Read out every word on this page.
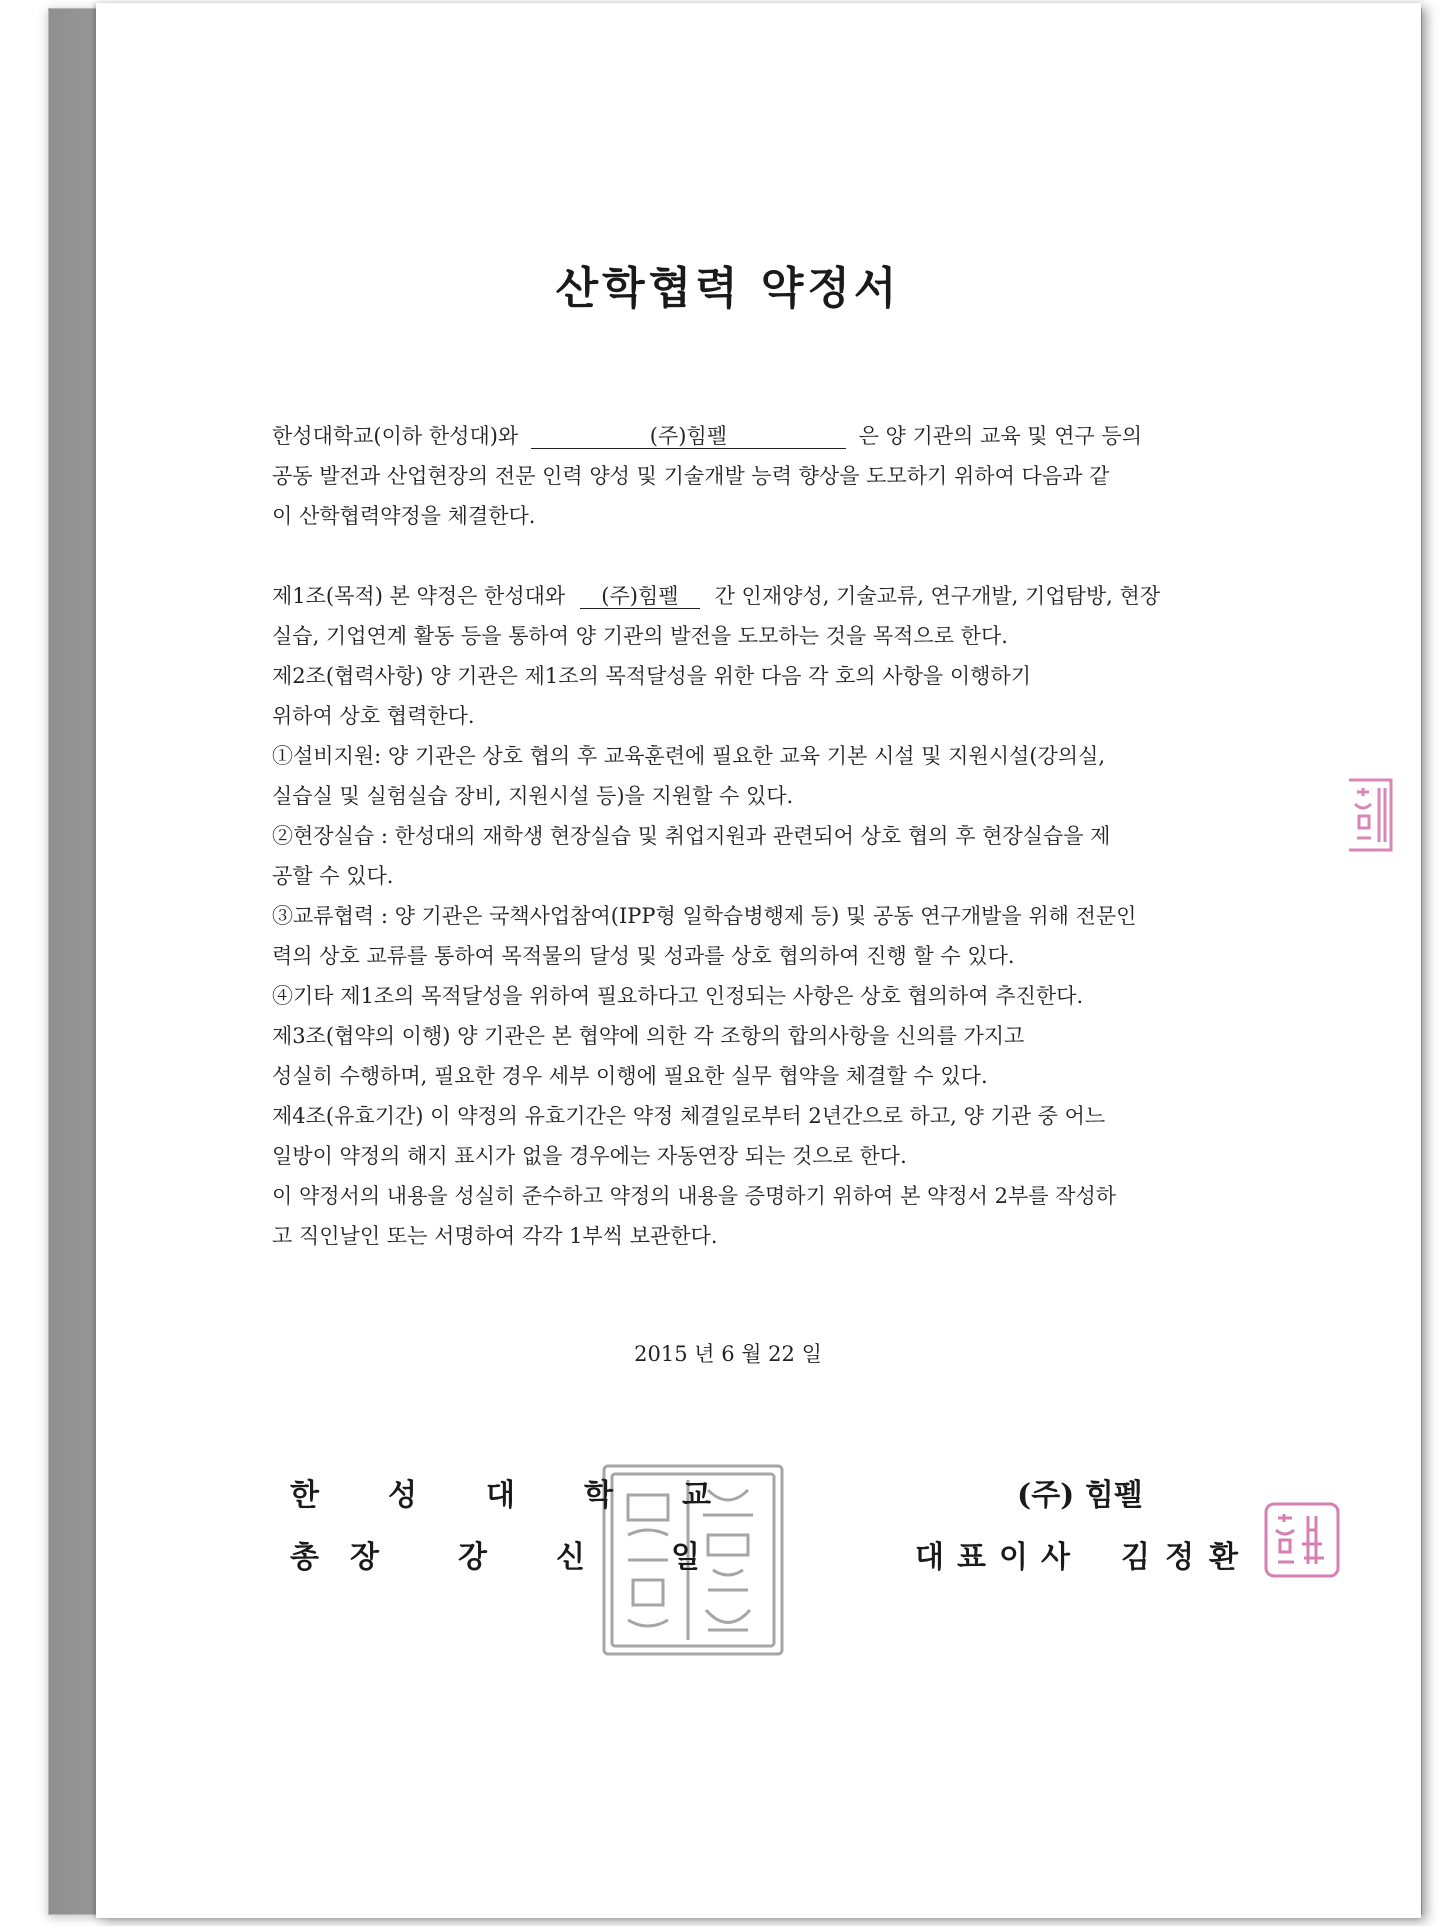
산학협력 약정서

한성대학교(이하 한성대)와	(주)힘펠	은 양 기관의 교육 및 연구 등의

공동 발전과 산업현장의 전문 인력 양성 및 기술개발 능력 향상을 도모하기 위하여 다음과 같

이 산학협력약정을 체결한다.

제1조(목적) 본 약정은 한성대와 (주)힘펠 간 인재양성, 기술교류, 연구개발, 기업탐방, 현장

실습, 기업연계 활동 등을 통하여 양 기관의 발전을 도모하는 것을 목적으로 한다.

제2조(협력사항) 양 기관은 제1조의 목적달성을 위한 다음 각 호의 사항을 이행하기

위하여 상호 협력한다.

①설비지원: 양 기관은 상호 협의 후 교육훈련에 필요한 교육 기본 시설 및 지원시설(강의실,

실습실 및 실험실습 장비, 지원시설 등)을 지원할 수 있다.

②현장실습 : 한성대의 재학생 현장실습 및 취업지원과 관련되어 상호 협의 후 현장실습을 제

공할 수 있다.

③교류협력 : 양 기관은 국책사업참여(IPP형 일학습병행제 등) 및 공동 연구개발을 위해 전문인

력의 상호 교류를 통하여 목적물의 달성 및 성과를 상호 협의하여 진행 할 수 있다.

④기타 제1조의 목적달성을 위하여 필요하다고 인정되는 사항은 상호 협의하여 추진한다.

제3조(협약의 이행) 양 기관은 본 협약에 의한 각 조항의 합의사항을 신의를 가지고

성실히 수행하며, 필요한 경우 세부 이행에 필요한 실무 협약을 체결할 수 있다.

제4조(유효기간) 이 약정의 유효기간은 약정 체결일로부터 2년간으로 하고, 양 기관 중 어느

일방이 약정의 해지 표시가 없을 경우에는 자동연장 되는 것으로 한다.

이 약정서의 내용을 성실히 준수하고 약정의 내용을 증명하기 위하여 본 약정서 2부를 작성하

고 직인날인 또는 서명하여 각각 1부씩 보관한다.

2015 년 6 월 22 일
한	성	대	학	교
총	장	강	신	일
(주) 힘펠
대 표 이 사	김 정 환
